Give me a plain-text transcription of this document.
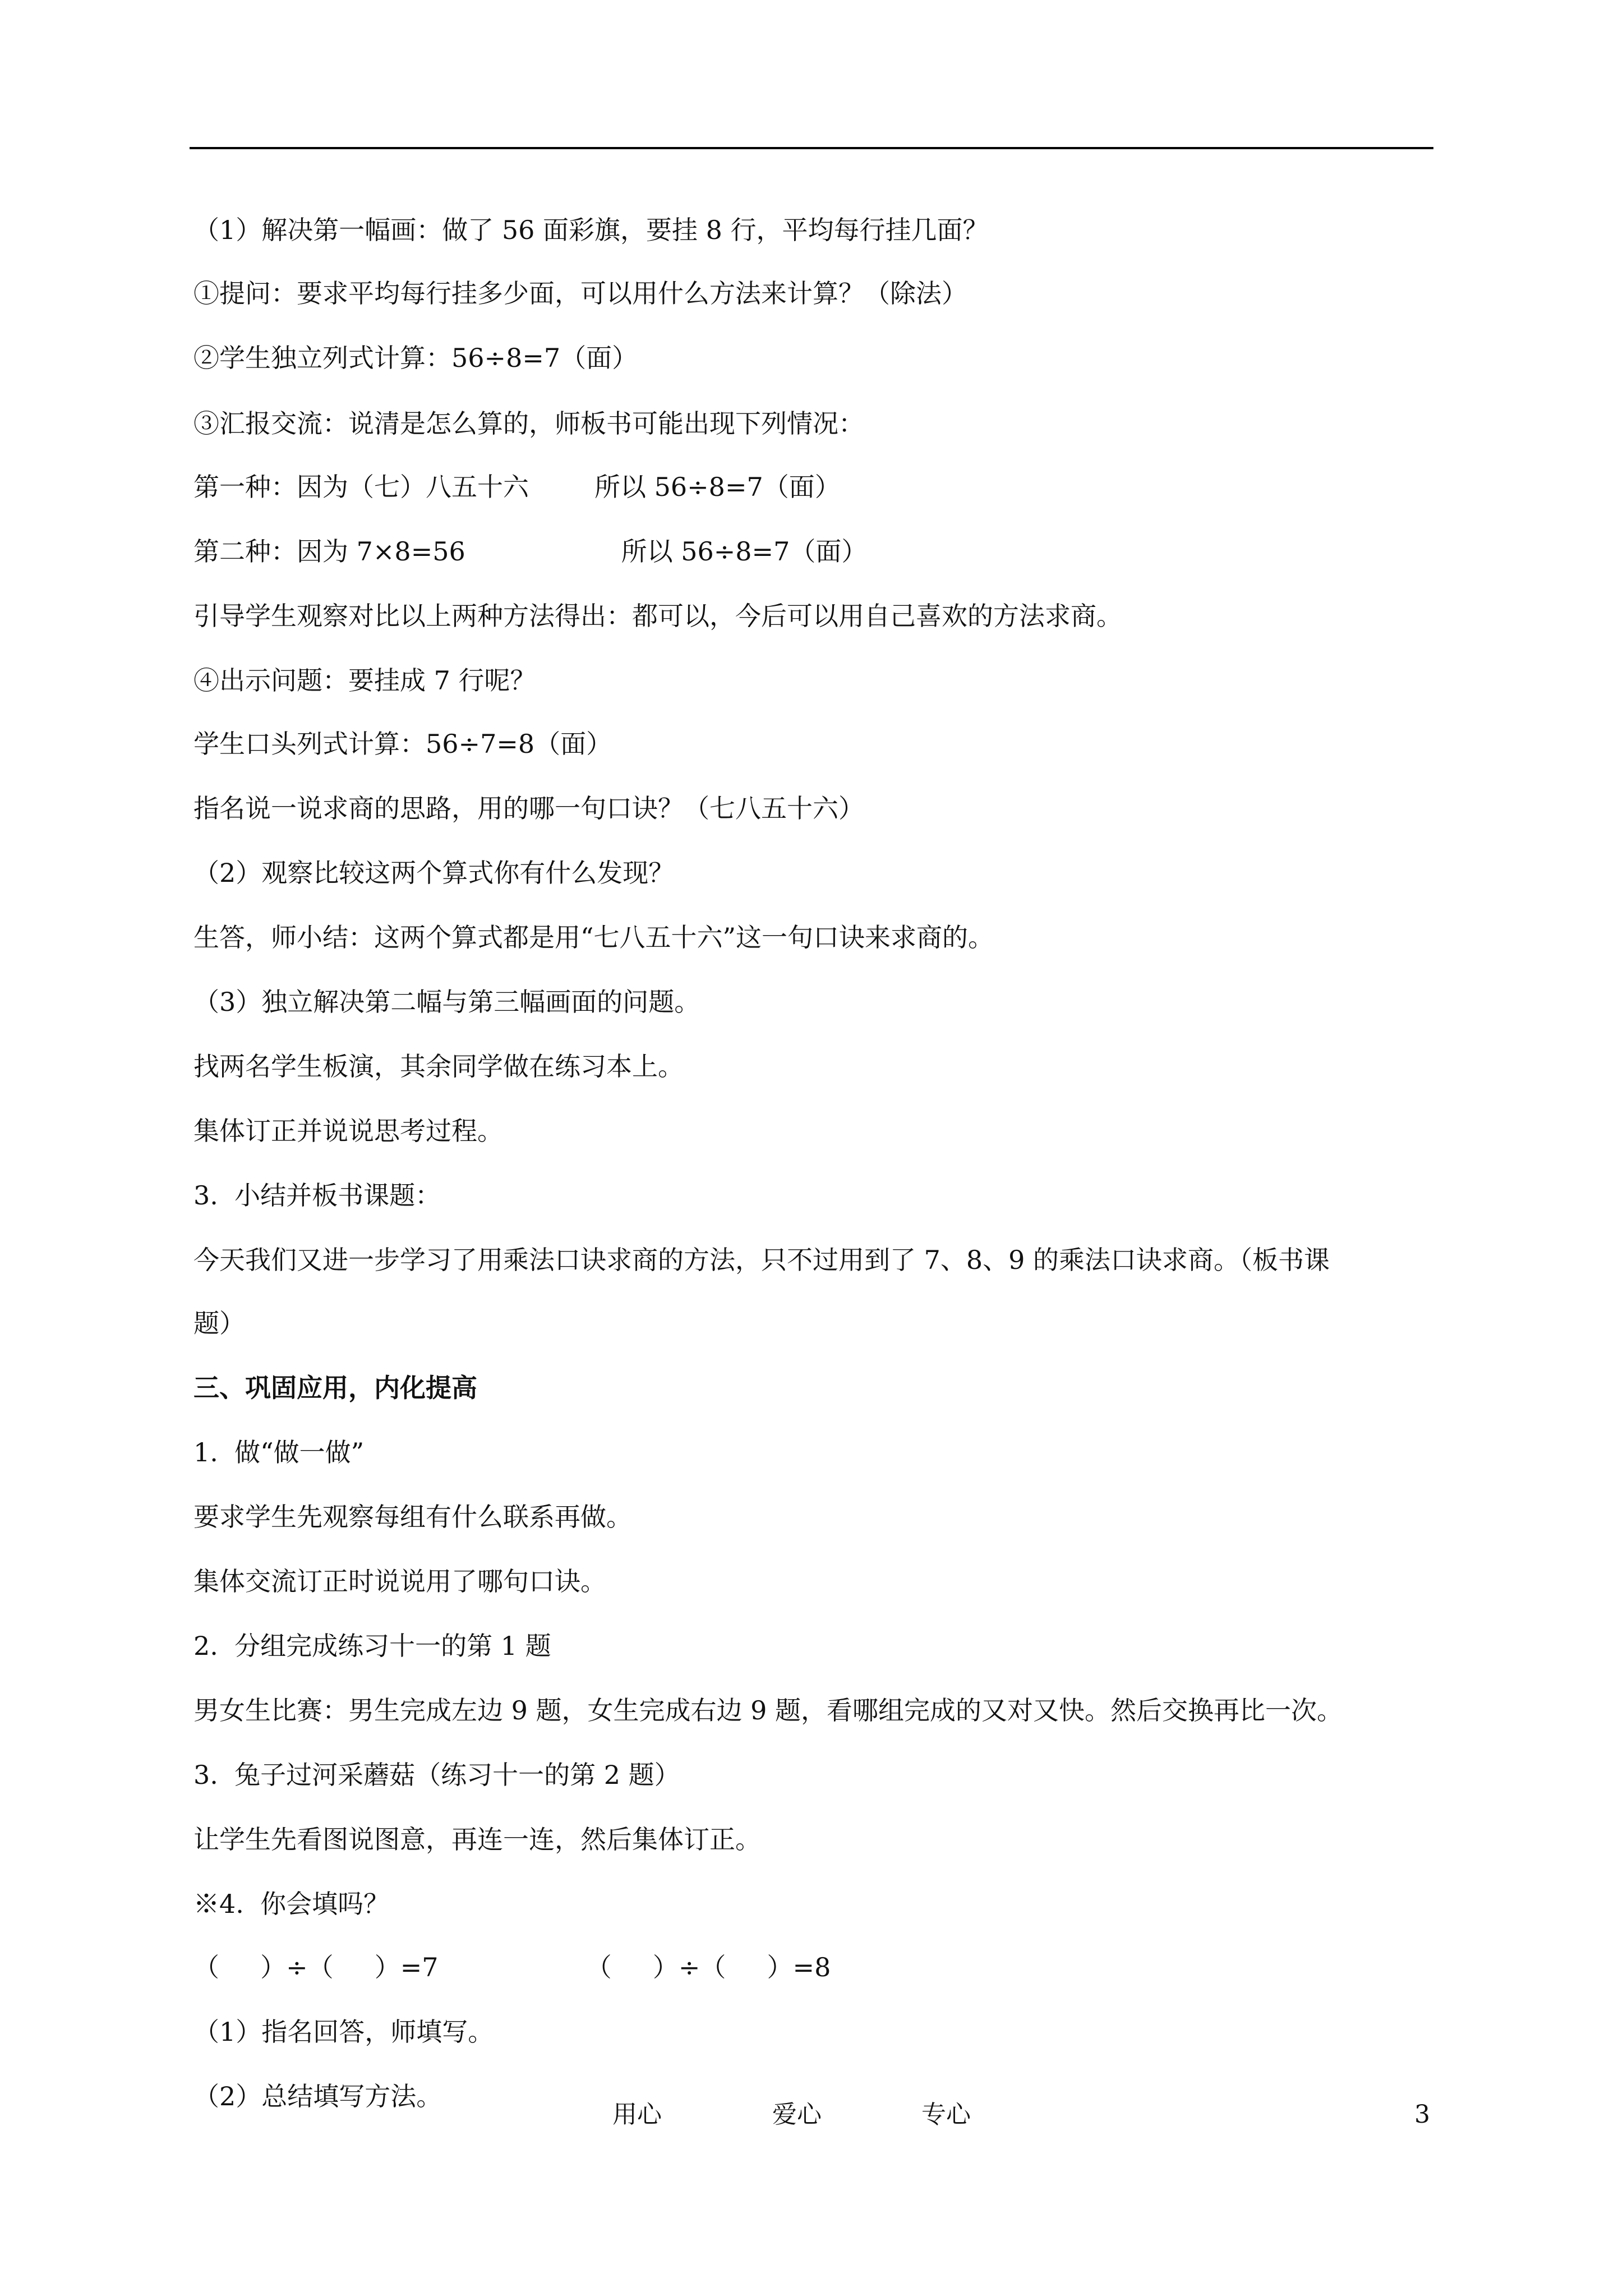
（1）解决第一幅画：做了 56 面彩旗，要挂 8 行，平均每行挂几面？
①提问：要求平均每行挂多少面，可以用什么方法来计算？（除法）
②学生独立列式计算：56÷8=7（面）
③汇报交流：说清是怎么算的，师板书可能出现下列情况：
第一种：因为（七）八五十六        所以 56÷8=7（面）
第二种：因为 7×8=56                   所以 56÷8=7（面）
引导学生观察对比以上两种方法得出：都可以，今后可以用自己喜欢的方法求商。
④出示问题：要挂成 7 行呢？
学生口头列式计算：56÷7=8（面）
指名说一说求商的思路，用的哪一句口诀？（七八五十六）
（2）观察比较这两个算式你有什么发现？
生答，师小结：这两个算式都是用“七八五十六”这一句口诀来求商的。
（3）独立解决第二幅与第三幅画面的问题。
找两名学生板演，其余同学做在练习本上。
集体订正并说说思考过程。
3.  小结并板书课题：
今天我们又进一步学习了用乘法口诀求商的方法，只不过用到了 7、8、9 的乘法口诀求商。（板书课
题）
三、巩固应用，内化提高
1.  做“做一做”
要求学生先观察每组有什么联系再做。
集体交流订正时说说用了哪句口诀。
2.  分组完成练习十一的第 1 题
男女生比赛：男生完成左边 9 题，女生完成右边 9 题，看哪组完成的又对又快。然后交换再比一次。
3.  兔子过河采蘑菇（练习十一的第 2 题）
让学生先看图说图意，再连一连，然后集体订正。
※4.  你会填吗？
（     ）÷（     ）=7                  （     ）÷（     ）=8
（1）指名回答，师填写。
（2）总结填写方法。
用心	爱心	专心	3
